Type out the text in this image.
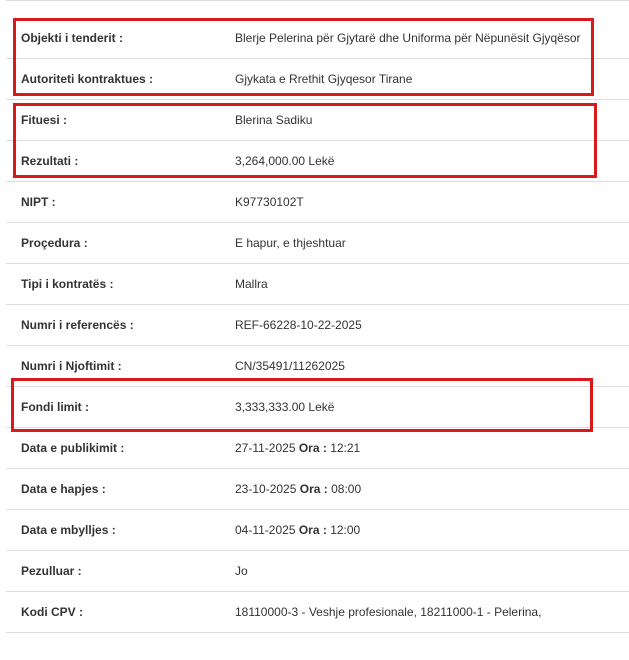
Objekti i tenderit :	Blerje Pelerina për Gjytarë dhe Uniforma për Nëpunësit Gjyqësor
Autoriteti kontraktues :	Gjykata e Rrethit Gjyqesor Tirane
Fituesi :	Blerina Sadiku
Rezultati :	3,264,000.00 Lekë
NIPT :	K97730102T
Proçedura :	E hapur, e thjeshtuar
Tipi i kontratës :	Mallra
Numri i referencës :	REF-66228-10-22-2025
Numri i Njoftimit :	CN/35491/11262025
Fondi limit :	3,333,333.00 Lekë
Data e publikimit :	27-11-2025 Ora : 12:21
Data e hapjes :	23-10-2025 Ora : 08:00
Data e mbylljes :	04-11-2025 Ora : 12:00
Pezulluar :	Jo
Kodi CPV :	18110000-3 - Veshje profesionale, 18211000-1 - Pelerina,
